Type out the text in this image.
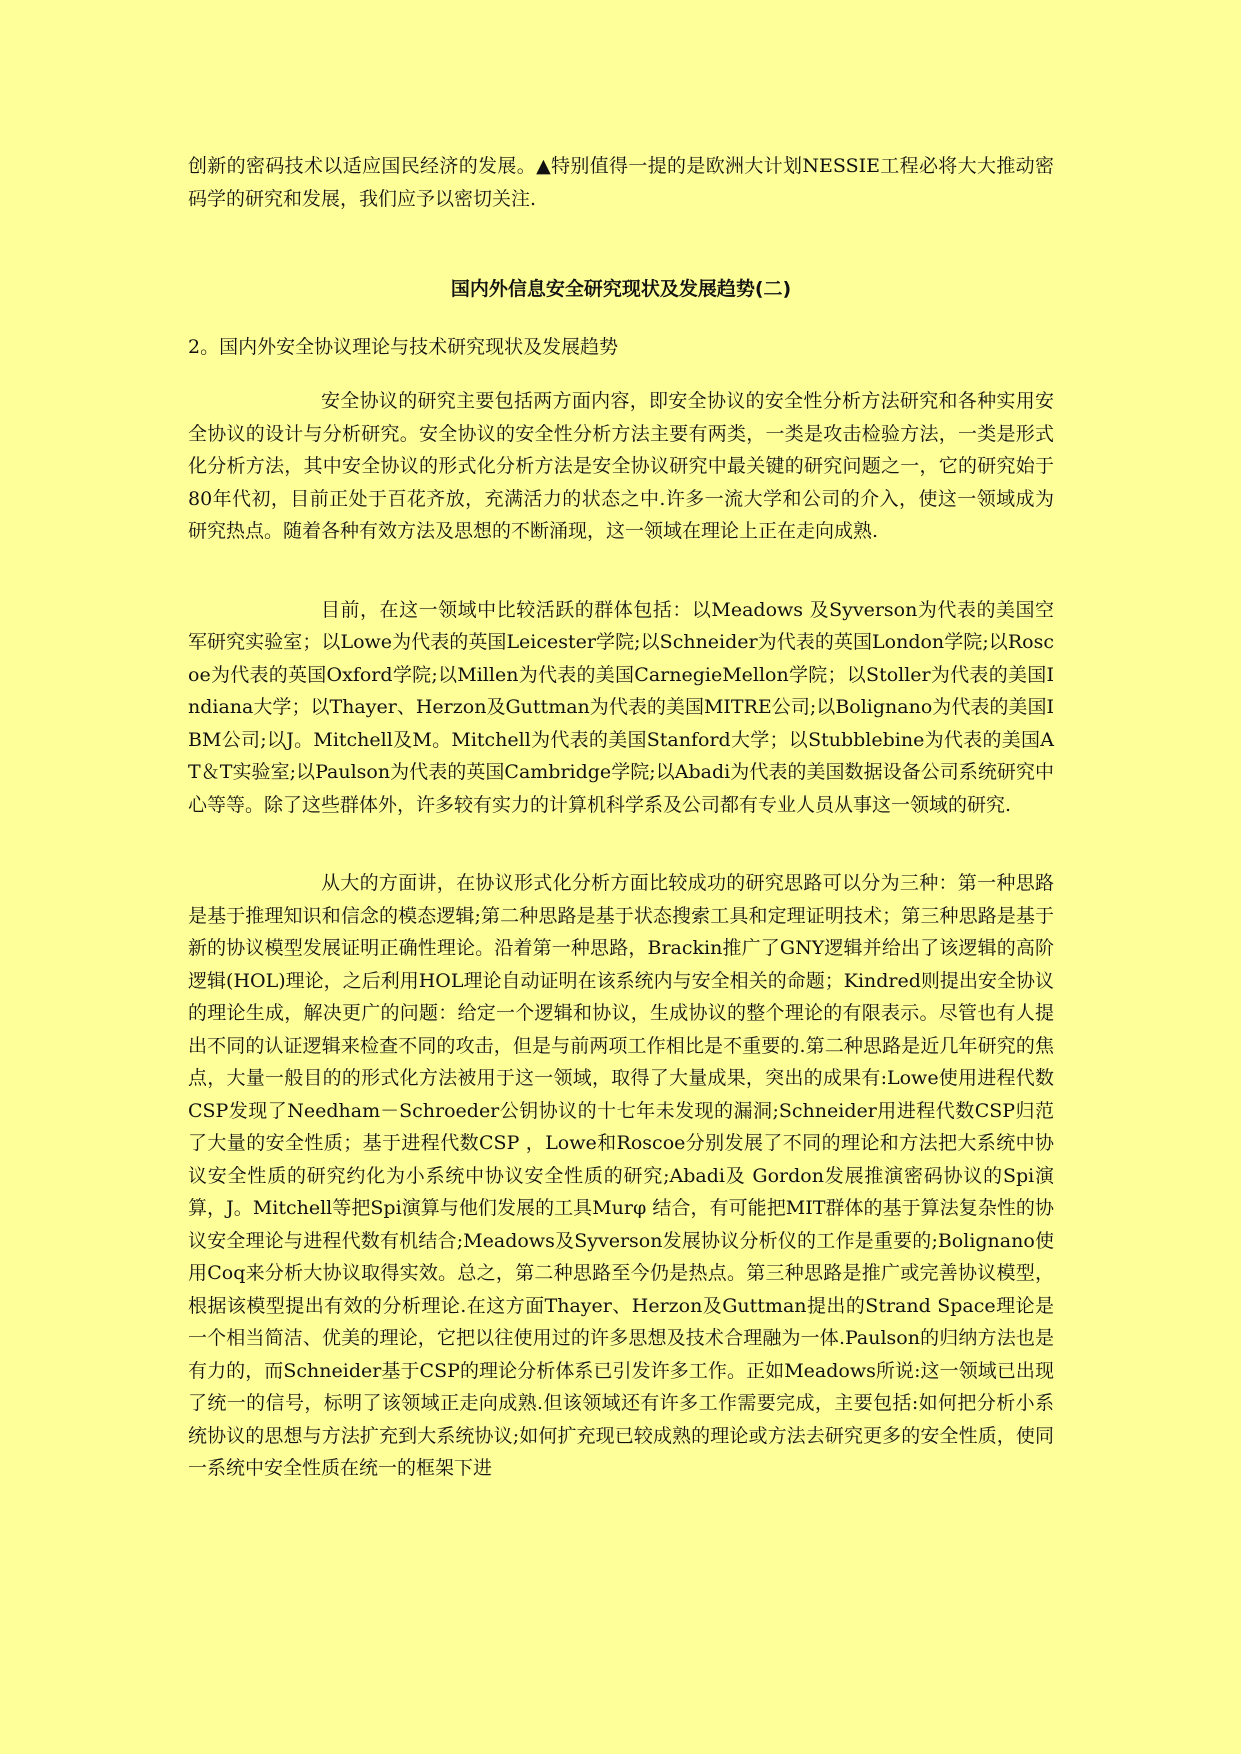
创新的密码技术以适应国民经济的发展。▲特别值得一提的是欧洲大计划NESSIE工程必将大大推动密码学的研究和发展，我们应予以密切关注.

国内外信息安全研究现状及发展趋势(二)

2。国内外安全协议理论与技术研究现状及发展趋势

安全协议的研究主要包括两方面内容，即安全协议的安全性分析方法研究和各种实用安全协议的设计与分析研究。安全协议的安全性分析方法主要有两类，一类是攻击检验方法，一类是形式化分析方法，其中安全协议的形式化分析方法是安全协议研究中最关键的研究问题之一，它的研究始于80年代初，目前正处于百花齐放，充满活力的状态之中.许多一流大学和公司的介入，使这一领域成为研究热点。随着各种有效方法及思想的不断涌现，这一领域在理论上正在走向成熟.

目前，在这一领域中比较活跃的群体包括：以Meadows 及Syverson为代表的美国空军研究实验室；以Lowe为代表的英国Leicester学院;以Schneider为代表的英国London学院;以Roscoe为代表的英国Oxford学院;以Millen为代表的美国CarnegieMellon学院；以Stoller为代表的美国Indiana大学；以Thayer、Herzon及Guttman为代表的美国MITRE公司;以Bolignano为代表的美国IBM公司;以J。Mitchell及M。Mitchell为代表的美国Stanford大学；以Stubblebine为代表的美国AT＆T实验室;以Paulson为代表的英国Cambridge学院;以Abadi为代表的美国数据设备公司系统研究中心等等。除了这些群体外，许多较有实力的计算机科学系及公司都有专业人员从事这一领域的研究.

从大的方面讲，在协议形式化分析方面比较成功的研究思路可以分为三种：第一种思路是基于推理知识和信念的模态逻辑;第二种思路是基于状态搜索工具和定理证明技术；第三种思路是基于新的协议模型发展证明正确性理论。沿着第一种思路，Brackin推广了GNY逻辑并给出了该逻辑的高阶逻辑(HOL)理论，之后利用HOL理论自动证明在该系统内与安全相关的命题；Kindred则提出安全协议的理论生成，解决更广的问题：给定一个逻辑和协议，生成协议的整个理论的有限表示。尽管也有人提出不同的认证逻辑来检查不同的攻击，但是与前两项工作相比是不重要的.第二种思路是近几年研究的焦点，大量一般目的的形式化方法被用于这一领域，取得了大量成果，突出的成果有:Lowe使用进程代数CSP发现了Needham－Schroeder公钥协议的十七年未发现的漏洞;Schneider用进程代数CSP归范了大量的安全性质；基于进程代数CSP ，Lowe和Roscoe分别发展了不同的理论和方法把大系统中协议安全性质的研究约化为小系统中协议安全性质的研究;Abadi及 Gordon发展推演密码协议的Spi演算，J。Mitchell等把Spi演算与他们发展的工具Murφ 结合，有可能把MIT群体的基于算法复杂性的协议安全理论与进程代数有机结合;Meadows及Syverson发展协议分析仪的工作是重要的;Bolignano使用Coq来分析大协议取得实效。总之，第二种思路至今仍是热点。第三种思路是推广或完善协议模型，根据该模型提出有效的分析理论.在这方面Thayer、Herzon及Guttman提出的Strand Space理论是一个相当简洁、优美的理论，它把以往使用过的许多思想及技术合理融为一体.Paulson的归纳方法也是有力的，而Schneider基于CSP的理论分析体系已引发许多工作。正如Meadows所说:这一领域已出现了统一的信号，标明了该领域正走向成熟.但该领域还有许多工作需要完成，主要包括:如何把分析小系统协议的思想与方法扩充到大系统协议;如何扩充现已较成熟的理论或方法去研究更多的安全性质，使同一系统中安全性质在统一的框架下进
